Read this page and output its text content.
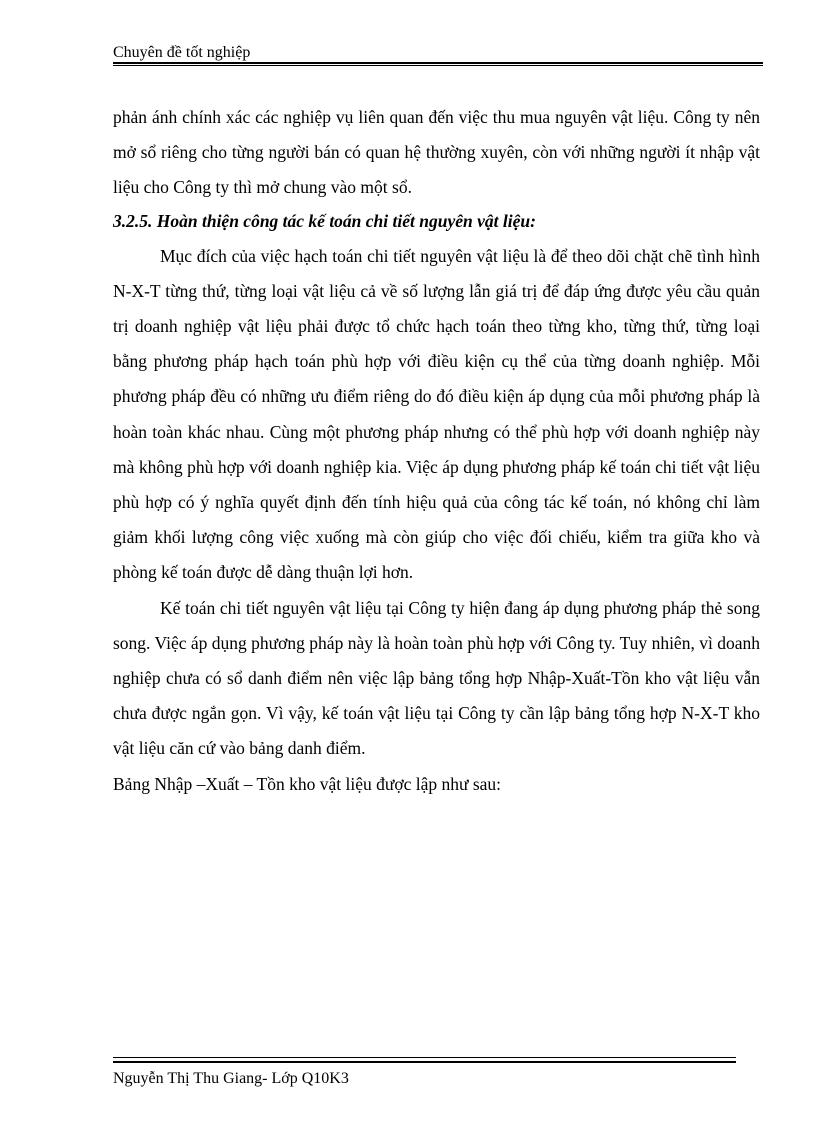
Chuyên đề tốt nghiệp

phản ánh chính xác các nghiệp vụ liên quan đến việc thu mua nguyên vật liệu. Công ty nên mở sổ riêng cho từng người bán có quan hệ thường xuyên, còn với những người ít nhập vật liệu cho Công ty thì mở chung vào một sổ.

3.2.5. Hoàn thiện công tác kế toán chi tiết nguyên vật liệu:

Mục đích của việc hạch toán chi tiết nguyên vật liệu là để theo dõi chặt chẽ tình hình N-X-T từng thứ, từng loại vật liệu cả về số lượng lẫn giá trị để đáp ứng được yêu cầu quản trị doanh nghiệp vật liệu phải được tổ chức hạch toán theo từng kho, từng thứ, từng loại bằng phương pháp hạch toán phù hợp với điều kiện cụ thể của từng doanh nghiệp. Mỗi phương pháp đều có những ưu điểm riêng do đó điều kiện áp dụng của mỗi phương pháp là hoàn toàn khác nhau. Cùng một phương pháp nhưng có thể phù hợp với doanh nghiệp này mà không phù hợp với doanh nghiệp kia. Việc áp dụng phương pháp kế toán chi tiết vật liệu phù hợp có ý nghĩa quyết định đến tính hiệu quả của công tác kế toán, nó không chỉ làm giảm khối lượng công việc xuống mà còn giúp cho việc đối chiếu, kiểm tra giữa kho và phòng kế toán được dễ dàng thuận lợi hơn.

Kế toán chi tiết nguyên vật liệu tại Công ty hiện đang áp dụng phương pháp thẻ song song. Việc áp dụng phương pháp này là hoàn toàn phù hợp với Công ty. Tuy nhiên, vì doanh nghiệp chưa có sổ danh điểm nên việc lập bảng tổng hợp Nhập-Xuất-Tồn kho vật liệu vẫn chưa được ngắn gọn. Vì vậy, kế toán vật liệu tại Công ty cần lập bảng tổng hợp N-X-T kho vật liệu căn cứ vào bảng danh điểm.

Bảng Nhập –Xuất – Tồn kho vật liệu được lập như sau:

Nguyễn Thị Thu Giang- Lớp Q10K3
